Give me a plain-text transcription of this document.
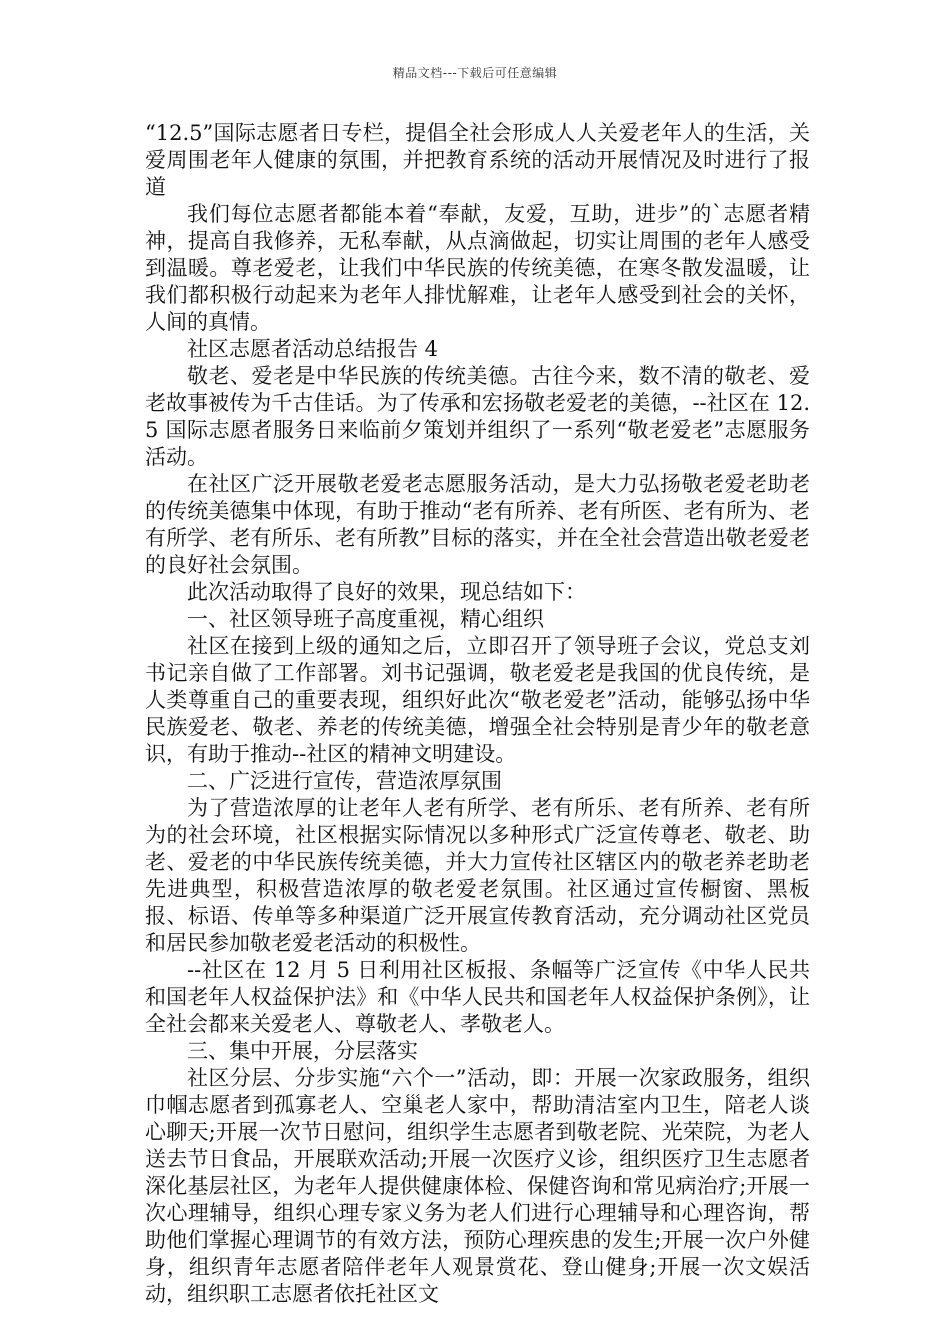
精品文档---下载后可任意编辑

“12.5”国际志愿者日专栏，提倡全社会形成人人关爱老年人的生活，关爱周围老年人健康的氛围，并把教育系统的活动开展情况及时进行了报道

我们每位志愿者都能本着“奉献，友爱，互助，进步”的`志愿者精神，提高自我修养，无私奉献，从点滴做起，切实让周围的老年人感受到温暖。尊老爱老，让我们中华民族的传统美德，在寒冬散发温暖，让我们都积极行动起来为老年人排忧解难，让老年人感受到社会的关怀，人间的真情。

社区志愿者活动总结报告 4

敬老、爱老是中华民族的传统美德。古往今来，数不清的敬老、爱老故事被传为千古佳话。为了传承和宏扬敬老爱老的美德，--社区在 12.5 国际志愿者服务日来临前夕策划并组织了一系列“敬老爱老”志愿服务活动。

在社区广泛开展敬老爱老志愿服务活动，是大力弘扬敬老爱老助老的传统美德集中体现，有助于推动“老有所养、老有所医、老有所为、老有所学、老有所乐、老有所教”目标的落实，并在全社会营造出敬老爱老的良好社会氛围。

此次活动取得了良好的效果，现总结如下：

一、社区领导班子高度重视，精心组织

社区在接到上级的通知之后，立即召开了领导班子会议，党总支刘书记亲自做了工作部署。刘书记强调，敬老爱老是我国的优良传统，是人类尊重自己的重要表现，组织好此次“敬老爱老”活动，能够弘扬中华民族爱老、敬老、养老的传统美德，增强全社会特别是青少年的敬老意识，有助于推动--社区的精神文明建设。

二、广泛进行宣传，营造浓厚氛围

为了营造浓厚的让老年人老有所学、老有所乐、老有所养、老有所为的社会环境，社区根据实际情况以多种形式广泛宣传尊老、敬老、助老、爱老的中华民族传统美德，并大力宣传社区辖区内的敬老养老助老先进典型，积极营造浓厚的敬老爱老氛围。社区通过宣传橱窗、黑板报、标语、传单等多种渠道广泛开展宣传教育活动，充分调动社区党员和居民参加敬老爱老活动的积极性。

--社区在 12 月 5 日利用社区板报、条幅等广泛宣传《中华人民共和国老年人权益保护法》和《中华人民共和国老年人权益保护条例》，让全社会都来关爱老人、尊敬老人、孝敬老人。

三、集中开展，分层落实

社区分层、分步实施“六个一”活动，即：开展一次家政服务，组织巾帼志愿者到孤寡老人、空巢老人家中，帮助清洁室内卫生，陪老人谈心聊天;开展一次节日慰问，组织学生志愿者到敬老院、光荣院，为老人送去节日食品，开展联欢活动;开展一次医疗义诊，组织医疗卫生志愿者深化基层社区，为老年人提供健康体检、保健咨询和常见病治疗;开展一次心理辅导，组织心理专家义务为老人们进行心理辅导和心理咨询，帮助他们掌握心理调节的有效方法，预防心理疾患的发生;开展一次户外健身，组织青年志愿者陪伴老年人观景赏花、登山健身;开展一次文娱活动，组织职工志愿者依托社区文
